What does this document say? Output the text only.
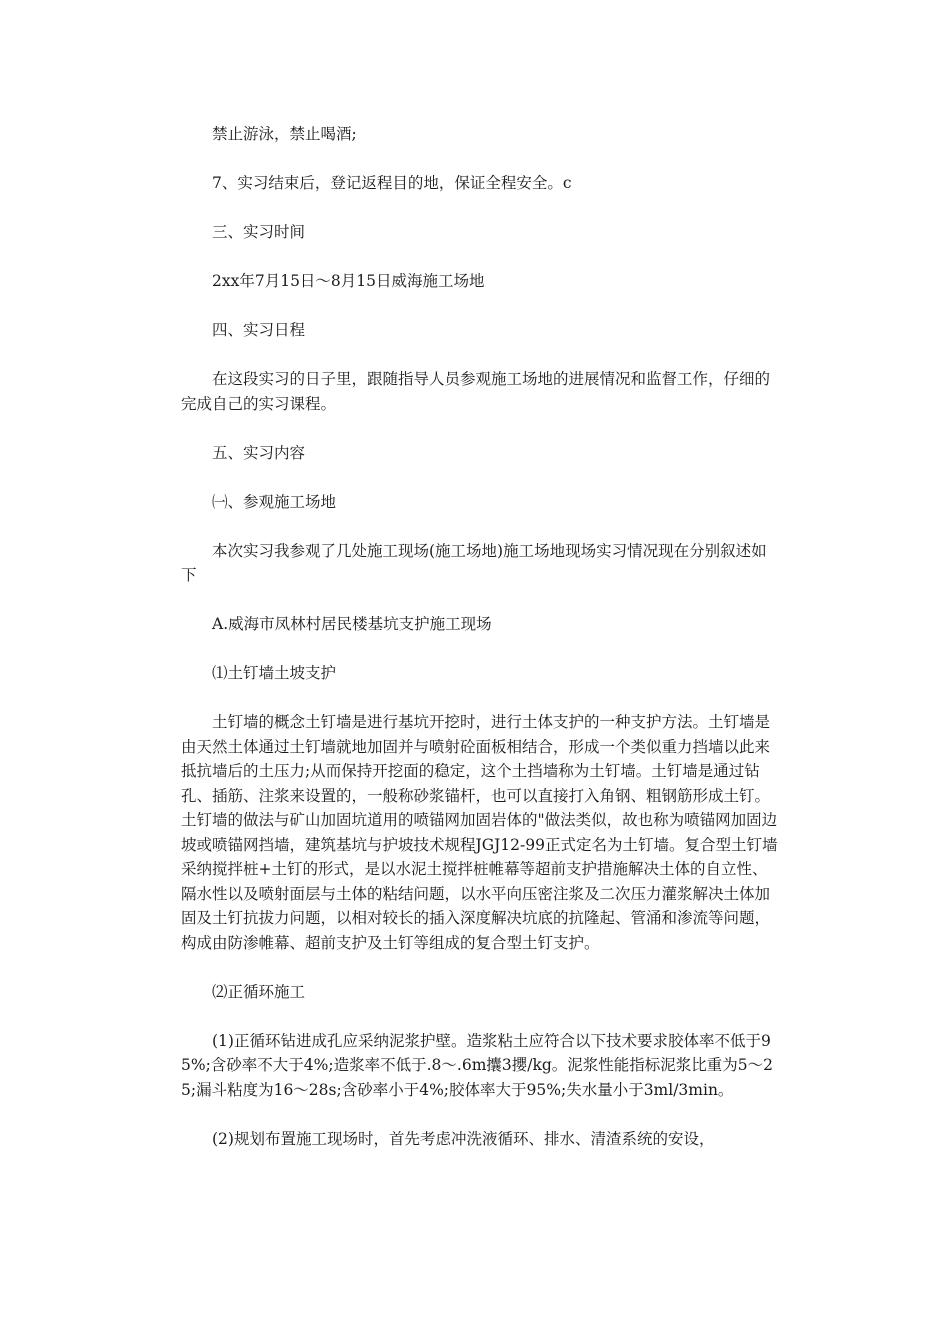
禁止游泳，禁止喝酒;

7、实习结束后，登记返程目的地，保证全程安全。c

三、实习时间

2xx年7月15日～8月15日威海施工场地

四、实习日程

在这段实习的日子里，跟随指导人员参观施工场地的进展情况和监督工作，仔细的完成自己的实习课程。

五、实习内容

㈠、参观施工场地

本次实习我参观了几处施工现场(施工场地)施工场地现场实习情况现在分别叙述如下

A.威海市凤林村居民楼基坑支护施工现场

⑴土钉墙土坡支护

土钉墙的概念土钉墙是进行基坑开挖时，进行土体支护的一种支护方法。土钉墙是由天然土体通过土钉墙就地加固并与喷射砼面板相结合，形成一个类似重力挡墙以此来抵抗墙后的土压力;从而保持开挖面的稳定，这个土挡墙称为土钉墙。土钉墙是通过钻孔、插筋、注浆来设置的，一般称砂浆锚杆，也可以直接打入角钢、粗钢筋形成土钉。土钉墙的做法与矿山加固坑道用的喷锚网加固岩体的"做法类似，故也称为喷锚网加固边坡或喷锚网挡墙，建筑基坑与护坡技术规程JGJ12-99正式定名为土钉墙。复合型土钉墙采纳搅拌桩+土钉的形式，是以水泥土搅拌桩帷幕等超前支护措施解决土体的自立性、隔水性以及喷射面层与土体的粘结问题，以水平向压密注浆及二次压力灌浆解决土体加固及土钉抗拔力问题，以相对较长的插入深度解决坑底的抗隆起、管涌和渗流等问题，构成由防渗帷幕、超前支护及土钉等组成的复合型土钉支护。

⑵正循环施工

(1)正循环钻进成孔应采纳泥浆护壁。造浆粘土应符合以下技术要求胶体率不低于95%;含砂率不大于4%;造浆率不低于.8～.6m攮3攖/kg。泥浆性能指标泥浆比重为5～25;漏斗粘度为16～28s;含砂率小于4%;胶体率大于95%;失水量小于3ml/3min。

(2)规划布置施工现场时，首先考虑冲洗液循环、排水、清渣系统的安设，
